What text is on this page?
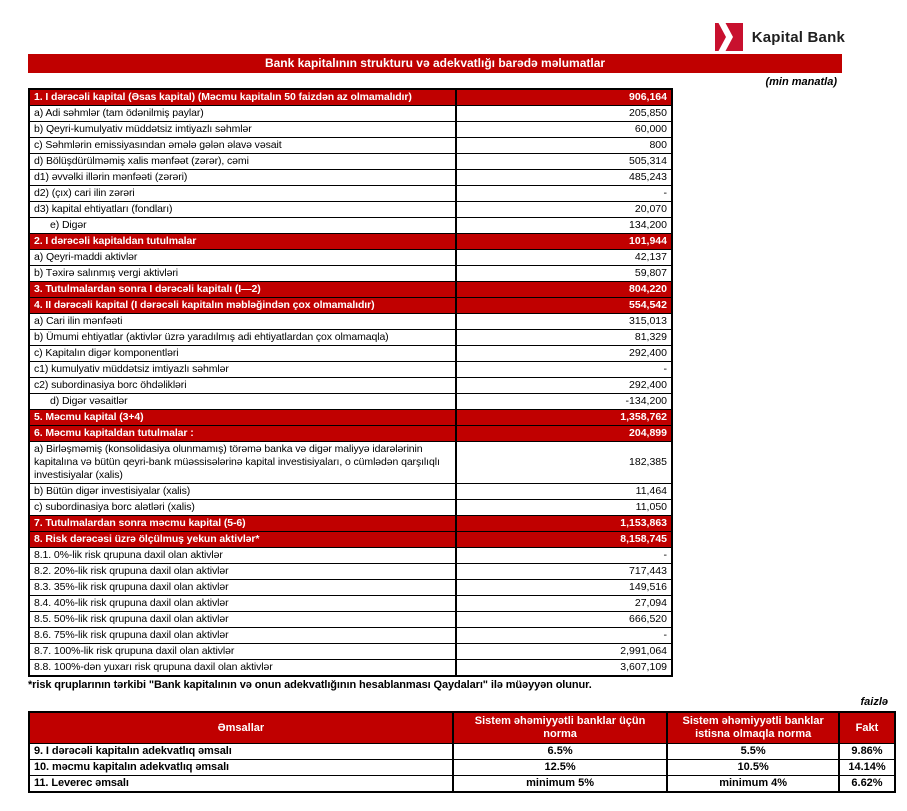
Kapital Bank
Bank kapitalının strukturu və adekvatlığı barədə məlumatlar
(min manatla)
1. I dərəcəli kapital (Əsas kapital) (Məcmu kapitalın 50 faizdən az olmamalıdır)	906,164
a) Adi səhmlər (tam ödənilmiş paylar)	205,850
b) Qeyri-kumulyativ müddətsiz imtiyazlı səhmlər	60,000
c) Səhmlərin emissiyasından əmələ gələn əlavə vəsait	800
d) Bölüşdürülməmiş xalis mənfəət (zərər), cəmi	505,314
d1) əvvəlki illərin mənfəəti (zərəri)	485,243
d2) (çıx) cari ilin zərəri	-
d3) kapital ehtiyatları (fondları)	20,070
e) Digər	134,200
2. I dərəcəli kapitaldan tutulmalar	101,944
a) Qeyri-maddi aktivlər	42,137
b) Təxirə salınmış vergi aktivləri	59,807
3. Tutulmalardan sonra I dərəcəli kapitalı (I—2)	804,220
4. II dərəcəli kapital (I dərəcəli kapitalın məbləğindən çox olmamalıdır)	554,542
a) Cari ilin mənfəəti	315,013
b) Ümumi ehtiyatlar (aktivlər üzrə yaradılmış adi ehtiyatlardan çox olmamaqla)	81,329
c) Kapitalın digər komponentləri	292,400
c1) kumulyativ müddətsiz imtiyazlı səhmlər	-
c2) subordinasiya borc öhdəlikləri	292,400
d) Digər vəsaitlər	-134,200
5. Məcmu kapital (3+4)	1,358,762
6. Məcmu kapitaldan tutulmalar :	204,899
a) Birləşməmiş (konsolidasiya olunmamış) törəmə banka və digər maliyyə idarələrinin kapitalına və bütün qeyri-bank müəssisələrinə kapital investisiyaları, o cümlədən qarşılıqlı investisiyalar (xalis)	182,385
b) Bütün digər investisiyalar (xalis)	11,464
c) subordinasiya borc alətləri (xalis)	11,050
7. Tutulmalardan sonra məcmu kapital (5-6)	1,153,863
8. Risk dərəcəsi üzrə ölçülmuş yekun aktivlər*	8,158,745
8.1. 0%-lik risk qrupuna daxil olan aktivlər	-
8.2. 20%-lik risk qrupuna daxil olan aktivlər	717,443
8.3. 35%-lik risk qrupuna daxil olan aktivlər	149,516
8.4. 40%-lik risk qrupuna daxil olan aktivlər	27,094
8.5. 50%-lik risk qrupuna daxil olan aktivlər	666,520
8.6. 75%-lik risk qrupuna daxil olan aktivlər	-
8.7. 100%-lik risk qrupuna daxil olan aktivlər	2,991,064
8.8. 100%-dən yuxarı risk qrupuna daxil olan aktivlər	3,607,109
*risk qruplarının tərkibi "Bank kapitalının və onun adekvatlığının hesablanması Qaydaları" ilə müəyyən olunur.
faizlə
Əmsallar	Sistem əhəmiyyətli banklar üçün norma	Sistem əhəmiyyətli banklar istisna olmaqla norma	Fakt
9. I dərəcəli kapitalın adekvatlıq əmsalı	6.5%	5.5%	9.86%
10. məcmu kapitalın adekvatlıq əmsalı	12.5%	10.5%	14.14%
11. Leverec əmsalı	minimum 5%	minimum 4%	6.62%
